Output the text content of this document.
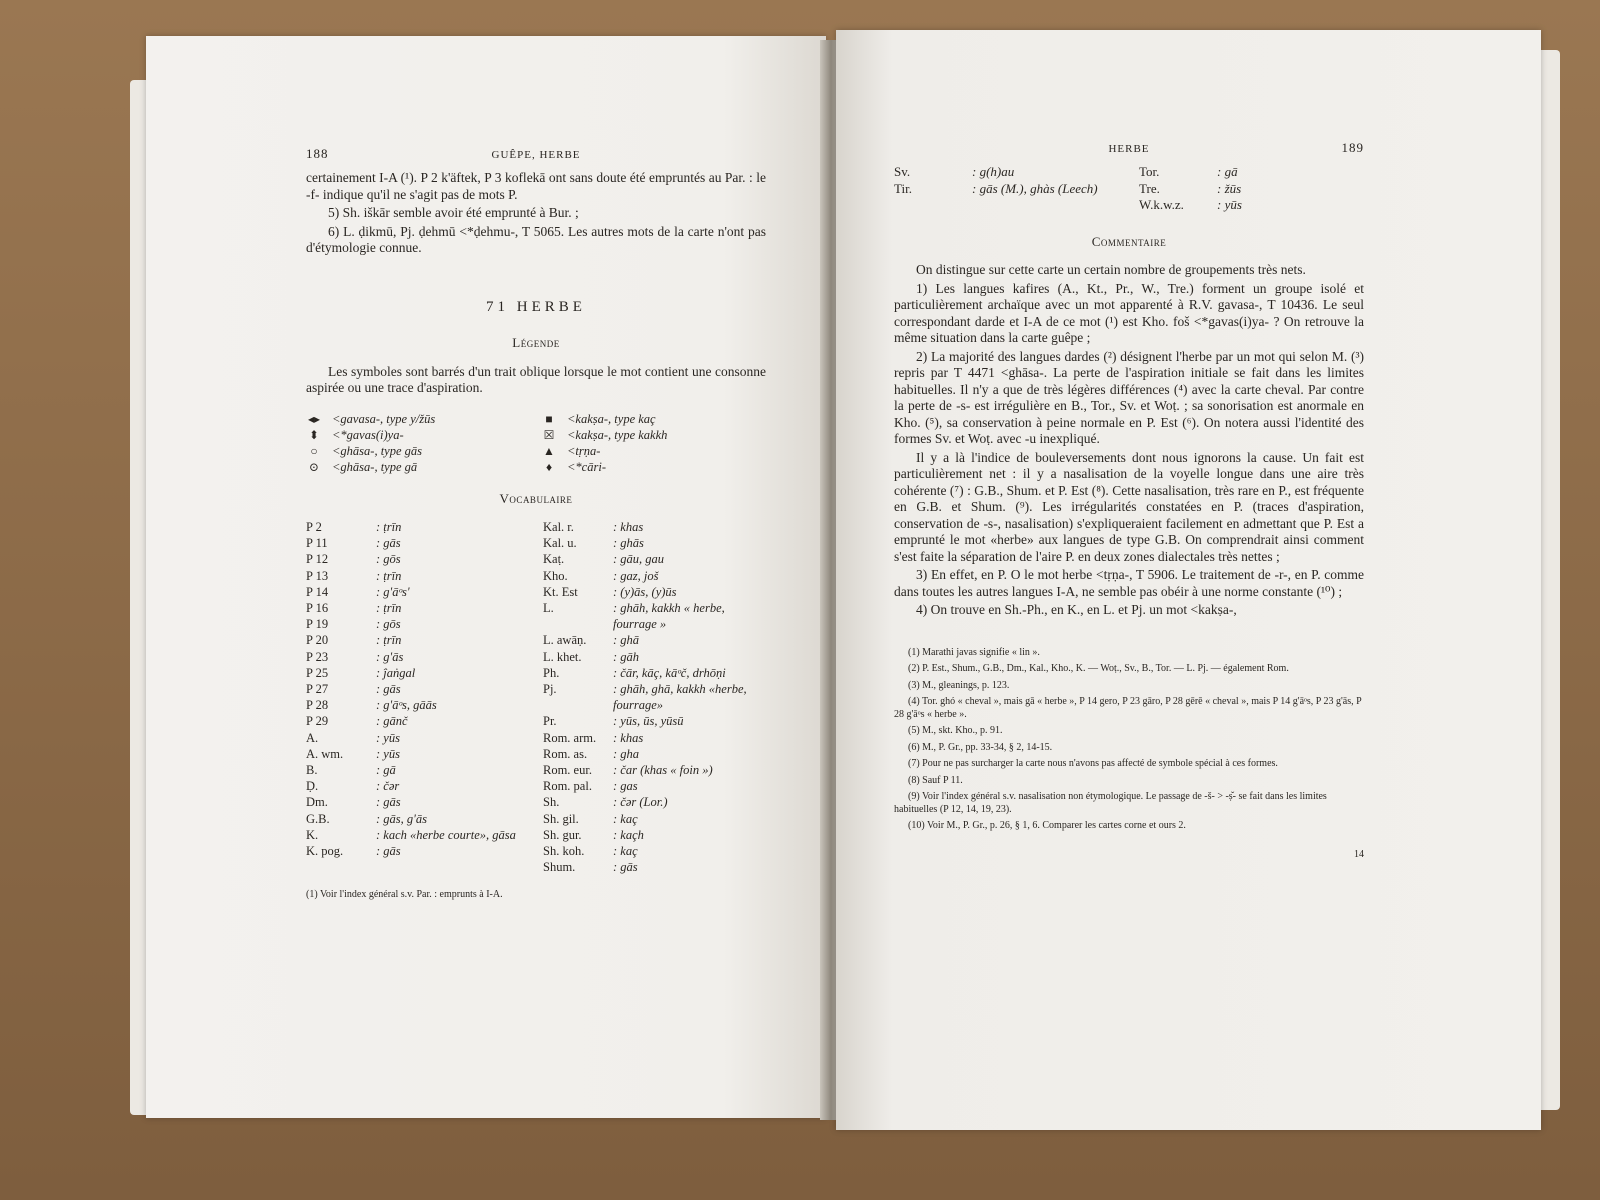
188	GUÊPE, HERBE

certainement I-A (¹). P 2 k'äftek, P 3 koflekā ont sans doute été empruntés au Par. : le -f- indique qu'il ne s'agit pas de mots P.

5) Sh. iškār semble avoir été emprunté à Bur. ;

6) L. ḍikmū, Pj. ḍehmū <*ḍehmu-, T 5065. Les autres mots de la carte n'ont pas d'étymologie connue.

71 HERBE
Légende

Les symboles sont barrés d'un trait oblique lorsque le mot contient une consonne aspirée ou une trace d'aspiration.

◂▸ <gavasa-, type y/žūs	■	<kakṣa-, type kaç
⬍ <*gavas(i)ya-	☒ <kakṣa-, type kakkh
○	<ghāsa-, type gās	▲ <tṛṇa-
⊙ <ghāsa-, type gā	♦	<*cāri-
Vocabulaire
P 2	: ṭrīn
P 11	: gās
P 12	: gōs
P 13	: ṭrīn
P 14	: g'āᵒs'
P 16	: ṭrīn
P 19	: gōs
P 20	: ṭrīn
P 23	: g'ās
P 25	: ĵaṅgal
P 27	: gās
P 28	: g'āᵒs, gāās
P 29	: gānč
A.	: yūs
A. wm.	: yūs
B.	: gā
Ḍ.	: čər
Dm.	: gās
G.B.	: gās, g'ās
K.	: kach «herbe courte», gāsa
K. pog.	: gās
Kal. r.	: khas
Kal. u.	: ghās
Kaṭ.	: gāu, gau
Kho.	: gaz, još
Kt. Est	: (y)ās, (y)ūs
L.	: ghāh, kakkh « herbe, fourrage »
L. awāṇ.	: ghā
L. khet.	: gāh
Ph.	: čār, kāç, kāᵒč, drhōṇi
Pj.	: ghāh, ghā, kakkh «herbe, fourrage»
Pr.	: yūs, ūs, yūsū
Rom. arm.	: khas
Rom. as.	: gha
Rom. eur.	: čar (khas « foin »)
Rom. pal.	: gas
Sh.	: čər (Lor.)
Sh. gil.	: kaç
Sh. gur.	: kaçh
Sh. koh.	: kaç
Shum.	: gās
(1) Voir l'index général s.v. Par. : emprunts à I-A.
HERBE	189
Sv.	: g(h)au
Tir.	: gās (M.), ghàs (Leech)
Tor.	: gā
Tre.	: žūs
W.k.w.z.	: yūs
Commentaire

On distingue sur cette carte un certain nombre de groupements très nets.

1) Les langues kafires (A., Kt., Pr., W., Tre.) forment un groupe isolé et particulièrement archaïque avec un mot apparenté à R.V. gavasa-, T 10436. Le seul correspondant darde et I-A de ce mot (¹) est Kho. foš <*gavas(i)ya- ? On retrouve la même situation dans la carte guêpe ;

2) La majorité des langues dardes (²) désignent l'herbe par un mot qui selon M. (³) repris par T 4471 <ghāsa-. La perte de l'aspiration initiale se fait dans les limites habituelles. Il n'y a que de très légères différences (⁴) avec la carte cheval. Par contre la perte de -s- est irrégulière en B., Tor., Sv. et Woṭ. ; sa sonorisation est anormale en Kho. (⁵), sa conservation à peine normale en P. Est (⁶). On notera aussi l'identité des formes Sv. et Woṭ. avec -u inexpliqué.

Il y a là l'indice de bouleversements dont nous ignorons la cause. Un fait est particulièrement net : il y a nasalisation de la voyelle longue dans une aire très cohérente (⁷) : G.B., Shum. et P. Est (⁸). Cette nasalisation, très rare en P., est fréquente en G.B. et Shum. (⁹). Les irrégularités constatées en P. (traces d'aspiration, conservation de -s-, nasalisation) s'expliqueraient facilement en admettant que P. Est a emprunté le mot «herbe» aux langues de type G.B. On comprendrait ainsi comment s'est faite la séparation de l'aire P. en deux zones dialectales très nettes ;

3) En effet, en P. O le mot herbe <tṛṇa-, T 5906. Le traitement de -r-, en P. comme dans toutes les autres langues I-A, ne semble pas obéir à une norme constante (¹⁰) ;

4) On trouve en Sh.-Ph., en K., en L. et Pj. un mot <kakṣa-,

(1) Marathi javas signifie « lin ».
(2) P. Est., Shum., G.B., Dm., Kal., Kho., K. — Woṭ., Sv., B., Tor. — L. Pj. — également Rom.
(3) M., gleanings, p. 123.
(4) Tor. ghó « cheval », mais gā « herbe », P 14 gero, P 23 gāro, P 28 gērē « cheval », mais P 14 g'āᵒs, P 23 g'ās, P 28 g'āᵒs « herbe ».
(5) M., skt. Kho., p. 91.
(6) M., P. Gr., pp. 33-34, § 2, 14-15.
(7) Pour ne pas surcharger la carte nous n'avons pas affecté de symbole spécial à ces formes.
(8) Sauf P 11.
(9) Voir l'index général s.v. nasalisation non étymologique. Le passage de -š- > -ṣ̌- se fait dans les limites habituelles (P 12, 14, 19, 23).
(10) Voir M., P. Gr., p. 26, § 1, 6. Comparer les cartes corne et ours 2.
14
